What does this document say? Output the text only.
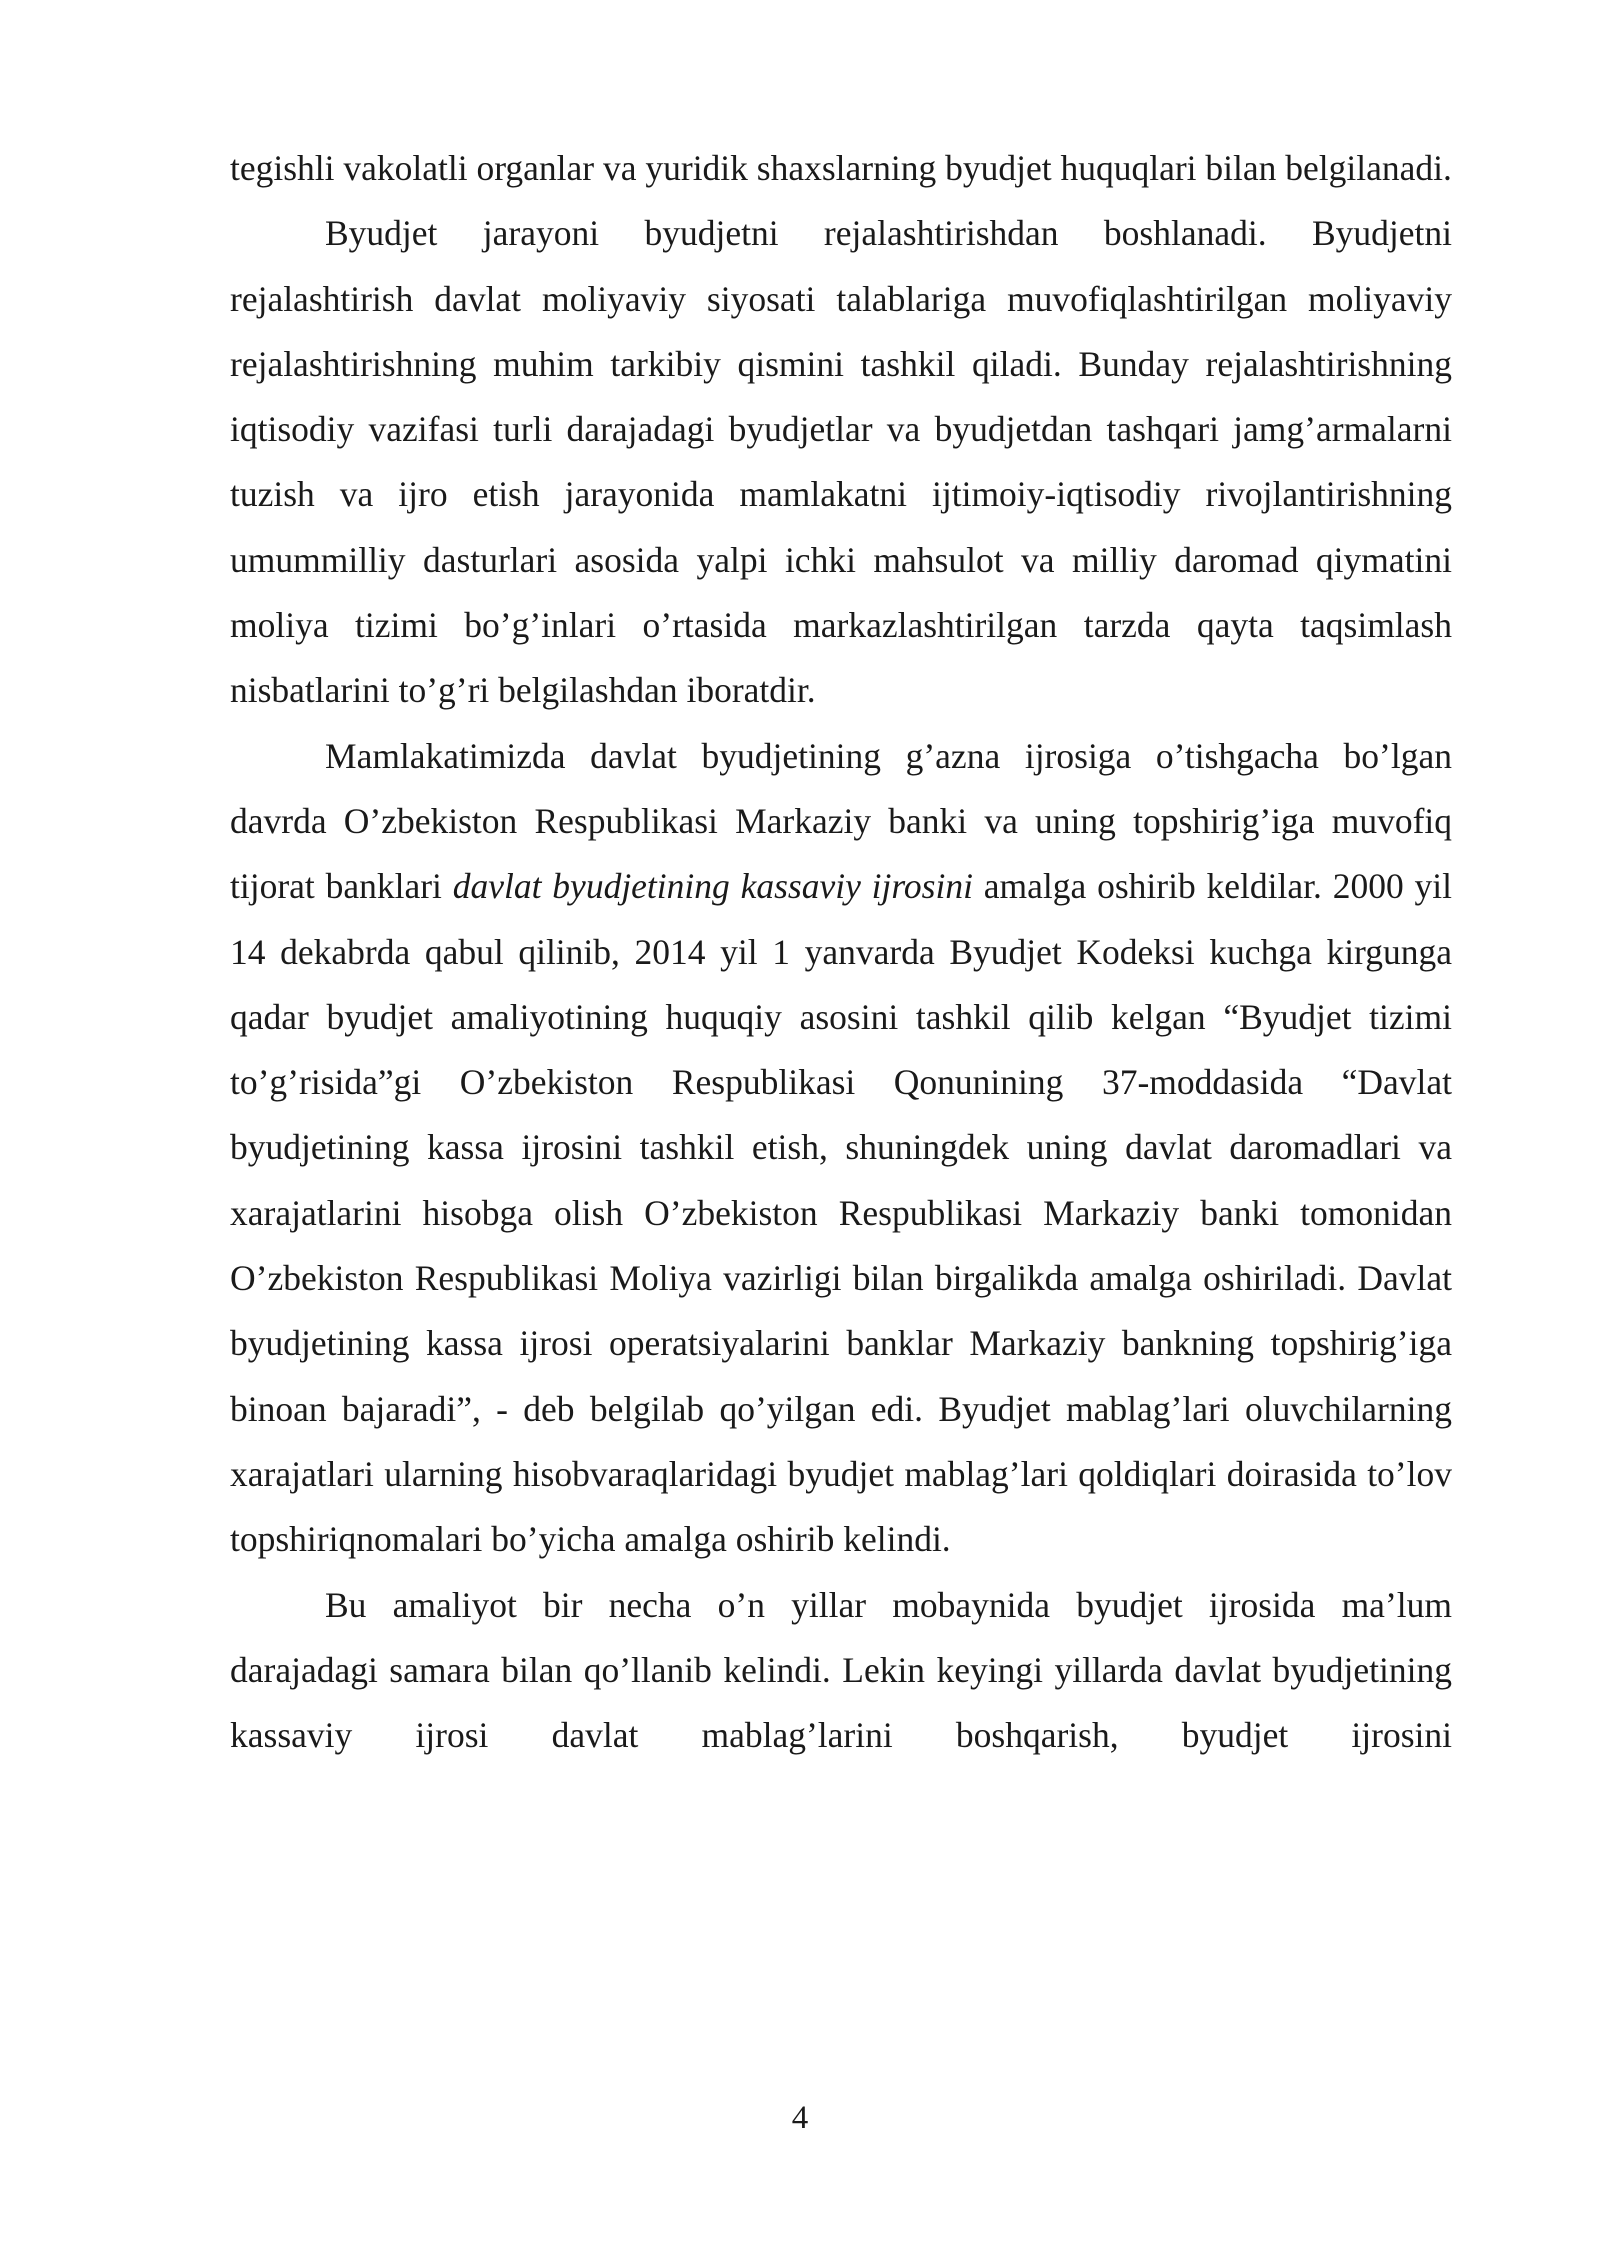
tegishli vakolatli organlar va yuridik shaxslarning byudjet huquqlari bilan belgilanadi.

Byudjet jarayoni byudjetni rejalashtirishdan boshlanadi. Byudjetni rejalashtirish davlat moliyaviy siyosati talablariga muvofiqlashtirilgan moliyaviy rejalashtirishning muhim tarkibiy qismini tashkil qiladi. Bunday rejalashtirishning iqtisodiy vazifasi turli darajadagi byudjetlar va byudjetdan tashqari jamg’armalarni tuzish va ijro etish jarayonida mamlakatni ijtimoiy-iqtisodiy rivojlantirishning umummilliy dasturlari asosida yalpi ichki mahsulot va milliy daromad qiymatini moliya tizimi bo’g’inlari o’rtasida markazlashtirilgan tarzda qayta taqsimlash nisbatlarini to’g’ri belgilashdan iboratdir.

Mamlakatimizda davlat byudjetining g’azna ijrosiga o’tishgacha bo’lgan davrda O’zbekiston Respublikasi Markaziy banki va uning topshirig’iga muvofiq tijorat banklari davlat byudjetining kassaviy ijrosini amalga oshirib keldilar. 2000 yil 14 dekabrda qabul qilinib, 2014 yil 1 yanvarda Byudjet Kodeksi kuchga kirgunga qadar byudjet amaliyotining huquqiy asosini tashkil qilib kelgan “Byudjet tizimi to’g’risida”gi O’zbekiston Respublikasi Qonunining 37-moddasida “Davlat byudjetining kassa ijrosini tashkil etish, shuningdek uning davlat daromadlari va xarajatlarini hisobga olish O’zbekiston Respublikasi Markaziy banki tomonidan O’zbekiston Respublikasi Moliya vazirligi bilan birgalikda amalga oshiriladi. Davlat byudjetining kassa ijrosi operatsiyalarini banklar Markaziy bankning topshirig’iga binoan bajaradi”, - deb belgilab qo’yilgan edi. Byudjet mablag’lari oluvchilarning xarajatlari ularning hisobvaraqlaridagi byudjet mablag’lari qoldiqlari doirasida to’lov topshiriqnomalari bo’yicha amalga oshirib kelindi.

Bu amaliyot bir necha o’n yillar mobaynida byudjet ijrosida ma’lum darajadagi samara bilan qo’llanib kelindi. Lekin keyingi yillarda davlat byudjetining kassaviy ijrosi davlat mablag’larini boshqarish, byudjet ijrosini

4
